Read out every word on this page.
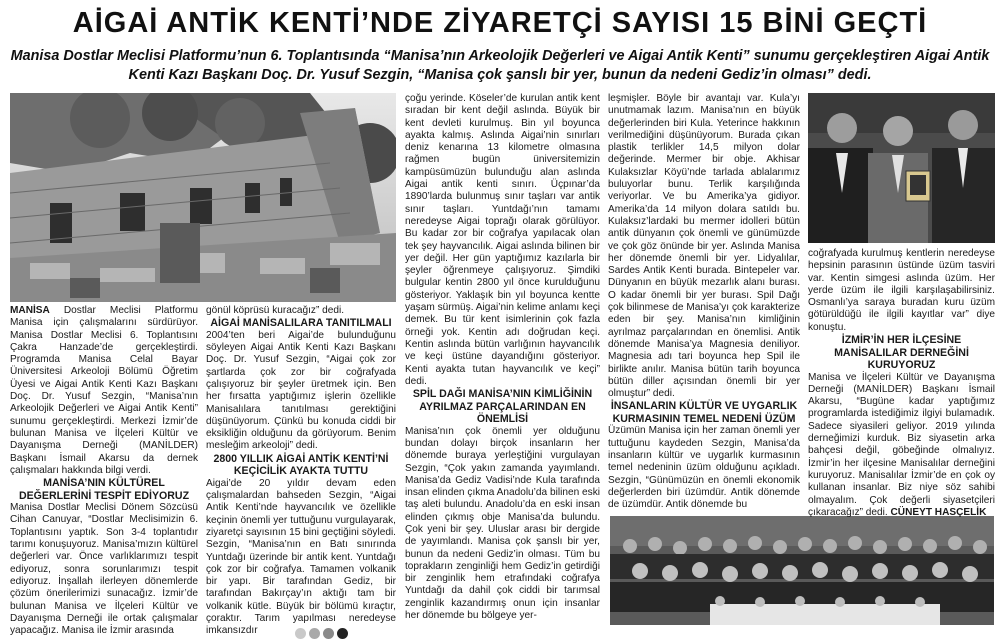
AİGAİ ANTİK KENTİ’NDE ZİYARETÇİ SAYISI 15 BİNİ GEÇTİ
Manisa Dostlar Meclisi Platformu’nun 6. Toplantısında “Manisa’nın Arkeolojik Değerleri ve Aigai Antik Kenti” sunumu gerçekleştiren Aigai Antik Kenti Kazı Başkanı Doç. Dr. Yusuf Sezgin, “Manisa çok şanslı bir yer, bunun da nedeni Gediz’in olması” dedi.

MANİSA Dostlar Meclisi Platformu Manisa için çalışmalarını sürdürüyor. Manisa Dostlar Meclisi 6. Toplantısını Çakra Hanzade’de gerçekleştirdi. Programda Manisa Celal Bayar Üniversitesi Arkeoloji Bölümü Öğretim Üyesi ve Aigai Antik Kenti Kazı Başkanı Doç. Dr. Yusuf Sezgin, “Manisa’nın Arkeolojik Değerleri ve Aigai Antik Kenti” sunumu gerçekleştirdi. Merkezi İzmir’de bulunan Manisa ve İlçeleri Kültür ve Dayanışma Derneği (MANİLDER) Başkanı İsmail Akarsu da dernek çalışmaları hakkında bilgi verdi.

MANİSA’NIN KÜLTÜREL DEĞERLERİNİ TESPİT EDİYORUZ

Manisa Dostlar Meclisi Dönem Sözcüsü Cihan Canuyar, “Dostlar Meclisimizin 6. Toplantısını yaptık. Son 3-4 toplantıdır tarımı konuşuyoruz. Manisa’mızın kültürel değerleri var. Önce varlıklarımızı tespit ediyoruz, sonra sorunlarımızı tespit ediyoruz. İnşallah ilerleyen dönemlerde çözüm önerilerimizi sunacağız. İzmir’de bulunan Manisa ve İlçeleri Kültür ve Dayanışma Derneği ile ortak çalışmalar yapacağız. Manisa ile İzmir arasında

gönül köprüsü kuracağız” dedi.

AİGAİ MANİSALILARA TANITILMALI

2004’ten beri Aigai’de bulunduğunu söyleyen Aigai Antik Kenti Kazı Başkanı Doç. Dr. Yusuf Sezgin, “Aigai çok zor şartlarda çok zor bir coğrafyada çalışıyoruz bir şeyler üretmek için. Ben her fırsatta yaptığımız işlerin özellikle Manisalılara tanıtılması gerektiğini düşünüyorum. Çünkü bu konuda ciddi bir eksikliğin olduğunu da görüyorum. Benim mesleğim arkeoloji” dedi.

2800 YILLIK AİGAİ ANTİK KENTİ’Nİ KEÇİCİLİK AYAKTA TUTTU

Aigai’de 20 yıldır devam eden çalışmalardan bahseden Sezgin, “Aigai Antik Kenti’nde hayvancılık ve özellikle keçinin önemli yer tuttuğunu vurgulayarak, ziyaretçi sayısının 15 bini geçtiğini söyledi. Sezgin, “Manisa’nın en Batı sınırında Yuntdağı üzerinde bir antik kent. Yuntdağı çok zor bir coğrafya. Tamamen volkanik bir yapı. Bir tarafından Gediz, bir tarafından Bakırçay’ın aktığı tam bir volkanik kütle. Büyük bir bölümü kıraçtır, çoraktır. Tarım yapılması neredeyse imkansızdır

çoğu yerinde. Köseler’de kurulan antik kent sıradan bir kent değil aslında. Büyük bir kent devleti kurulmuş. Bin yıl boyunca ayakta kalmış. Aslında Aigai’nin sınırları deniz kenarına 13 kilometre olmasına rağmen bugün üniversitemizin kampüsümüzün bulunduğu alan aslında Aigai antik kenti sınırı. Üçpınar’da 1890’larda bulunmuş sınır taşları var antik sınır taşları. Yuntdağı’nın tamamı neredeyse Aigai toprağı olarak görülüyor. Bu kadar zor bir coğrafya yapılacak olan tek şey hayvancılık. Aigai aslında bilinen bir yer değil. Her gün yaptığımız kazılarla bir şeyler öğrenmeye çalışıyoruz. Şimdiki bulgular kentin 2800 yıl önce kurulduğunu gösteriyor. Yaklaşık bin yıl boyunca kentte yaşam sürmüş. Aigai’nin kelime anlamı keçi demek. Bu tür kent isimlerinin çok fazla örneği yok. Kentin adı doğrudan keçi. Kentin aslında bütün varlığının hayvancılık ve keçi üstüne dayandığını gösteriyor. Kenti ayakta tutan hayvancılık ve keçi” dedi.

SPİL DAĞI MANİSA’NIN KİMLİĞİNİN AYRILMAZ PARÇALARINDAN EN ÖNEMLİSİ

Manisa’nın çok önemli yer olduğunu bundan dolayı birçok insanların her dönemde buraya yerleştiğini vurgulayan Sezgin, “Çok yakın zamanda yayımlandı. Manisa’da Gediz Vadisi’nde Kula tarafında insan elinden çıkma Anadolu’da bilinen eski taş aleti bulundu. Anadolu’da en eski insan elinden çıkmış obje Manisa’da bulundu. Çok yeni bir şey. Uluslar arası bir dergide de yayımlandı. Manisa çok şanslı bir yer, bunun da nedeni Gediz’in olması. Tüm bu toprakların zenginliği hem Gediz’in getirdiği bir zenginlik hem etrafındaki coğrafya Yuntdağı da dahil çok ciddi bir tarımsal zenginlik kazandırmış onun için insanlar her dönemde bu bölgeye yer-

leşmişler. Böyle bir avantajı var. Kula’yı unutmamak lazım. Manisa’nın en büyük değerlerinden biri Kula. Yeterince hakkının verilmediğini düşünüyorum. Burada çıkan plastik terlikler 14,5 milyon dolar değerinde. Mermer bir obje. Akhisar Kulaksızlar Köyü’nde tarlada ablalarımız buluyorlar bunu. Terlik karşılığında veriyorlar. Ve bu Amerika’ya gidiyor. Amerika’da 14 milyon dolara satıldı bu. Kulaksız’lardaki bu mermer idolleri bütün antik dünyanın çok önemli ve günümüzde ve çok göz önünde bir yer. Aslında Manisa her dönemde önemli bir yer. Lidyalılar, Sardes Antik Kenti burada. Bintepeler var. Dünyanın en büyük mezarlık alanı burası. O kadar önemli bir yer burası. Spil Dağı çok bilinmese de Manisa’yı çok karakterize eden bir şey. Manisa’nın kimliğinin ayrılmaz parçalarından en önemlisi. Antik dönemde Manisa’ya Magnesia deniliyor. Magnesia adı tari boyunca hep Spil ile birlikte anılır. Manisa bütün tarih boyunca bütün diller açısından önemli bir yer olmuştur” dedi.

İNSANLARIN KÜLTÜR VE UYGARLIK KURMASININ TEMEL NEDENİ ÜZÜM

Üzümün Manisa için her zaman önemli yer tuttuğunu kaydeden Sezgin, Manisa’da insanların kültür ve uygarlık kurmasının temel nedeninin üzüm olduğunu açıkladı. Sezgin, “Günümüzün en önemli ekonomik değerlerden biri üzümdür. Antik dönemde de üzümdür. Antik dönemde bu

coğrafyada kurulmuş kentlerin neredeyse hepsinin parasının üstünde üzüm tasviri var. Kentin simgesi aslında üzüm. Her yerde üzüm ile ilgili karşılaşabilirsiniz. Osmanlı’ya saraya buradan kuru üzüm götürüldüğü ile ilgili kayıtlar var” diye konuştu.

İZMİR’İN HER İLÇESİNE MANİSALILAR DERNEĞİNİ KURUYORUZ

Manisa ve İlçeleri Kültür ve Dayanışma Derneği (MANİLDER) Başkanı İsmail Akarsu, “Bugüne kadar yaptığımız programlarda istediğimiz ilgiyi bulamadık. Sadece siyasileri geliyor. 2019 yılında derneğimizi kurduk. Biz siyasetin arka bahçesi değil, göbeğinde olmalıyız. İzmir’in her ilçesine Manisalılar derneğini kuruyoruz. Manisalılar İzmir’de en çok oy kullanan insanlar. Biz niye söz sahibi olmayalım. Çok değerli siyasetçileri çıkaracağız” dedi. CÜNEYT HASÇELİK
